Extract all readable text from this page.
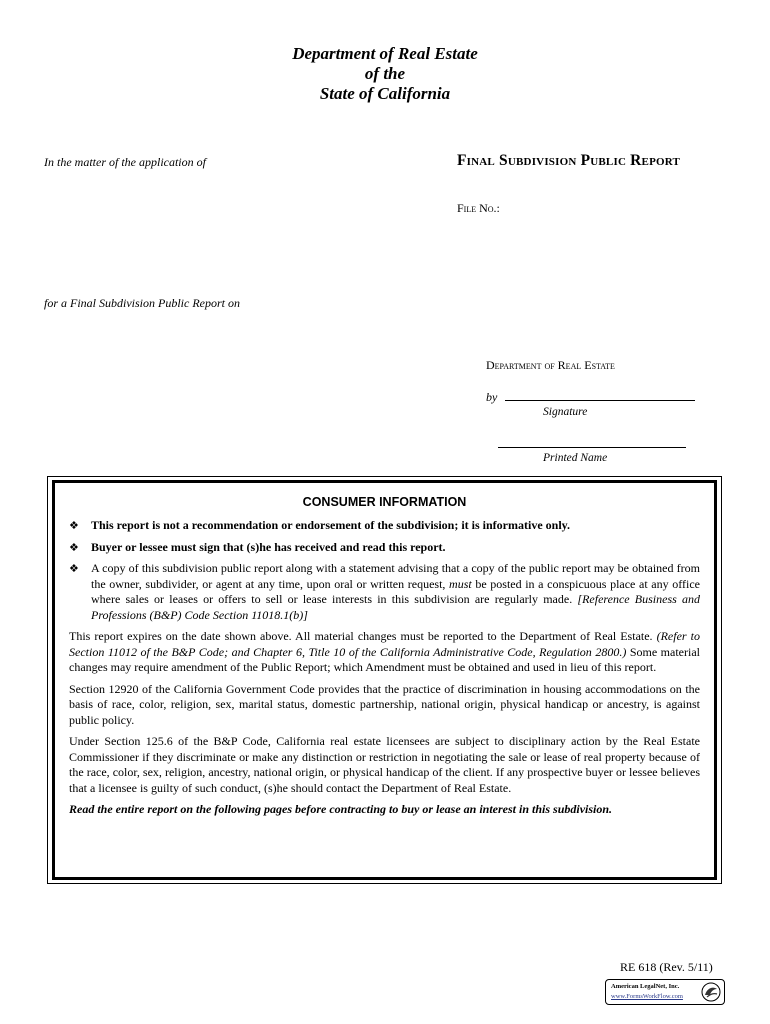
Department of Real Estate
of the
State of California
In the matter of the application of	Final Subdivision Public Report
File No.:
for a Final Subdivision Public Report on
Department of Real Estate
by
Signature
Printed Name
CONSUMER INFORMATION
❖	This report is not a recommendation or endorsement of the subdivision; it is informative only.
❖	Buyer or lessee must sign that (s)he has received and read this report.
❖	A copy of this subdivision public report along with a statement advising that a copy of the public report may be obtained from the owner, subdivider, or agent at any time, upon oral or written request, must be posted in a conspicuous place at any office where sales or leases or offers to sell or lease interests in this subdivision are regularly made. [Reference Business and Professions (B&P) Code Section 11018.1(b)]
This report expires on the date shown above. All material changes must be reported to the Department of Real Estate. (Refer to Section 11012 of the B&P Code; and Chapter 6, Title 10 of the California Administrative Code, Regulation 2800.) Some material changes may require amendment of the Public Report; which Amendment must be obtained and used in lieu of this report.
Section 12920 of the California Government Code provides that the practice of discrimination in housing accommodations on the basis of race, color, religion, sex, marital status, domestic partnership, national origin, physical handicap or ancestry, is against public policy.
Under Section 125.6 of the B&P Code, California real estate licensees are subject to disciplinary action by the Real Estate Commissioner if they discriminate or make any distinction or restriction in negotiating the sale or lease of real property because of the race, color, sex, religion, ancestry, national origin, or physical handicap of the client. If any prospective buyer or lessee believes that a licensee is guilty of such conduct, (s)he should contact the Department of Real Estate.
Read the entire report on the following pages before contracting to buy or lease an interest in this subdivision.
RE 618 (Rev. 5/11)
American LegalNet, Inc.
www.FormsWorkFlow.com
